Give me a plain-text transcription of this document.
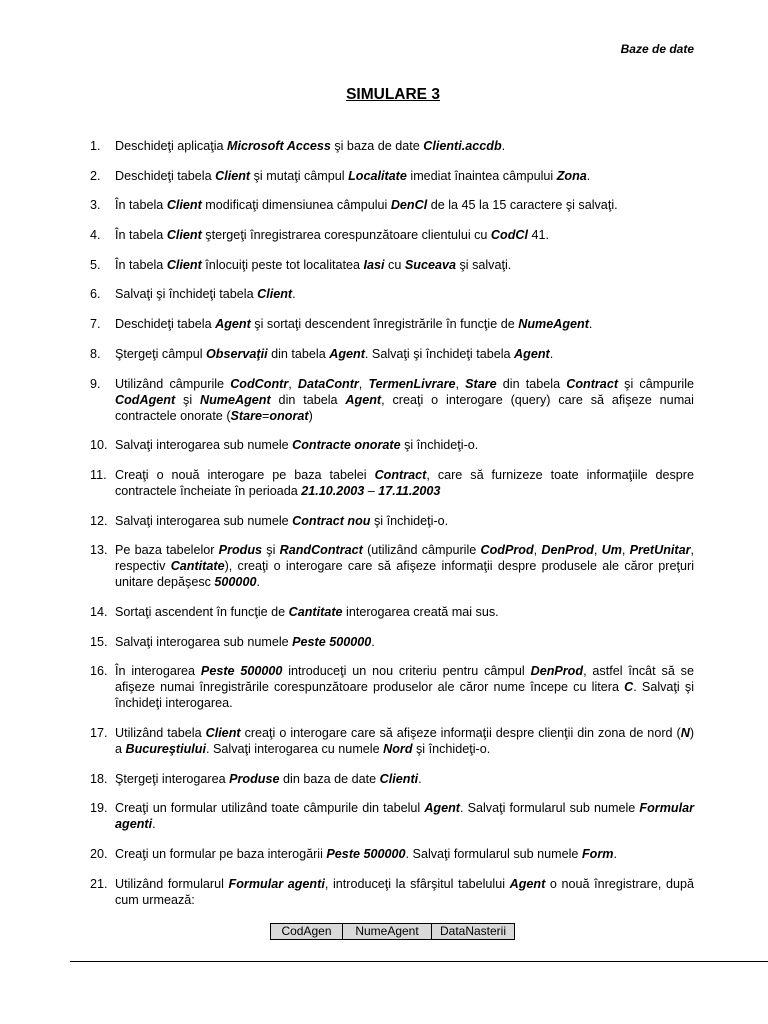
Baze de date
SIMULARE 3
1.	Deschideţi aplicaţia Microsoft Access şi baza de date Clienti.accdb.
2.	Deschideţi tabela Client şi mutaţi câmpul Localitate imediat înaintea câmpului Zona.
3.	În tabela Client modificaţi dimensiunea câmpului DenCl de la 45 la 15 caractere şi salvaţi.
4.	În tabela Client ştergeţi înregistrarea corespunzătoare clientului cu CodCl 41.
5.	În tabela Client înlocuiţi peste tot localitatea Iasi cu Suceava şi salvaţi.
6.	Salvaţi şi închideţi tabela Client.
7.	Deschideţi tabela Agent şi sortaţi descendent înregistrările în funcţie de NumeAgent.
8.	Ştergeţi câmpul Observaţii din tabela Agent. Salvaţi şi închideţi tabela Agent.
9.	Utilizând câmpurile CodContr, DataContr, TermenLivrare, Stare din tabela Contract şi câmpurile CodAgent şi NumeAgent din tabela Agent, creaţi o interogare (query) care să afişeze numai contractele onorate (Stare=onorat)
10. Salvaţi interogarea sub numele Contracte onorate şi închideţi-o.
11. Creaţi o nouă interogare pe baza tabelei Contract, care să furnizeze toate informaţiile despre contractele încheiate în perioada 21.10.2003 – 17.11.2003
12. Salvaţi interogarea sub numele Contract nou şi închideţi-o.
13. Pe baza tabelelor Produs şi RandContract (utilizând câmpurile CodProd, DenProd, Um, PretUnitar, respectiv Cantitate), creaţi o interogare care să afişeze informaţii despre produsele ale căror preţuri unitare depăşesc 500000.
14. Sortaţi ascendent în funcţie de Cantitate interogarea creată mai sus.
15. Salvaţi interogarea sub numele Peste 500000.
16. În interogarea Peste 500000 introduceţi un nou criteriu pentru câmpul DenProd, astfel încât să se afişeze numai înregistrările corespunzătoare produselor ale căror nume începe cu litera C. Salvaţi şi închideţi interogarea.
17. Utilizând tabela Client creaţi o interogare care să afişeze informaţii despre clienţii din zona de nord (N) a Bucureştiului. Salvaţi interogarea cu numele Nord şi închideţi-o.
18. Ştergeţi interogarea Produse din baza de date Clienti.
19. Creaţi un formular utilizând toate câmpurile din tabelul Agent. Salvaţi formularul sub numele Formular agenti.
20. Creaţi un formular pe baza interogării Peste 500000. Salvaţi formularul sub numele Form.
21. Utilizând formularul Formular agenti, introduceţi la sfârşitul tabelului Agent o nouă înregistrare, după cum urmează:
CodAgen	NumeAgent	DataNasterii
